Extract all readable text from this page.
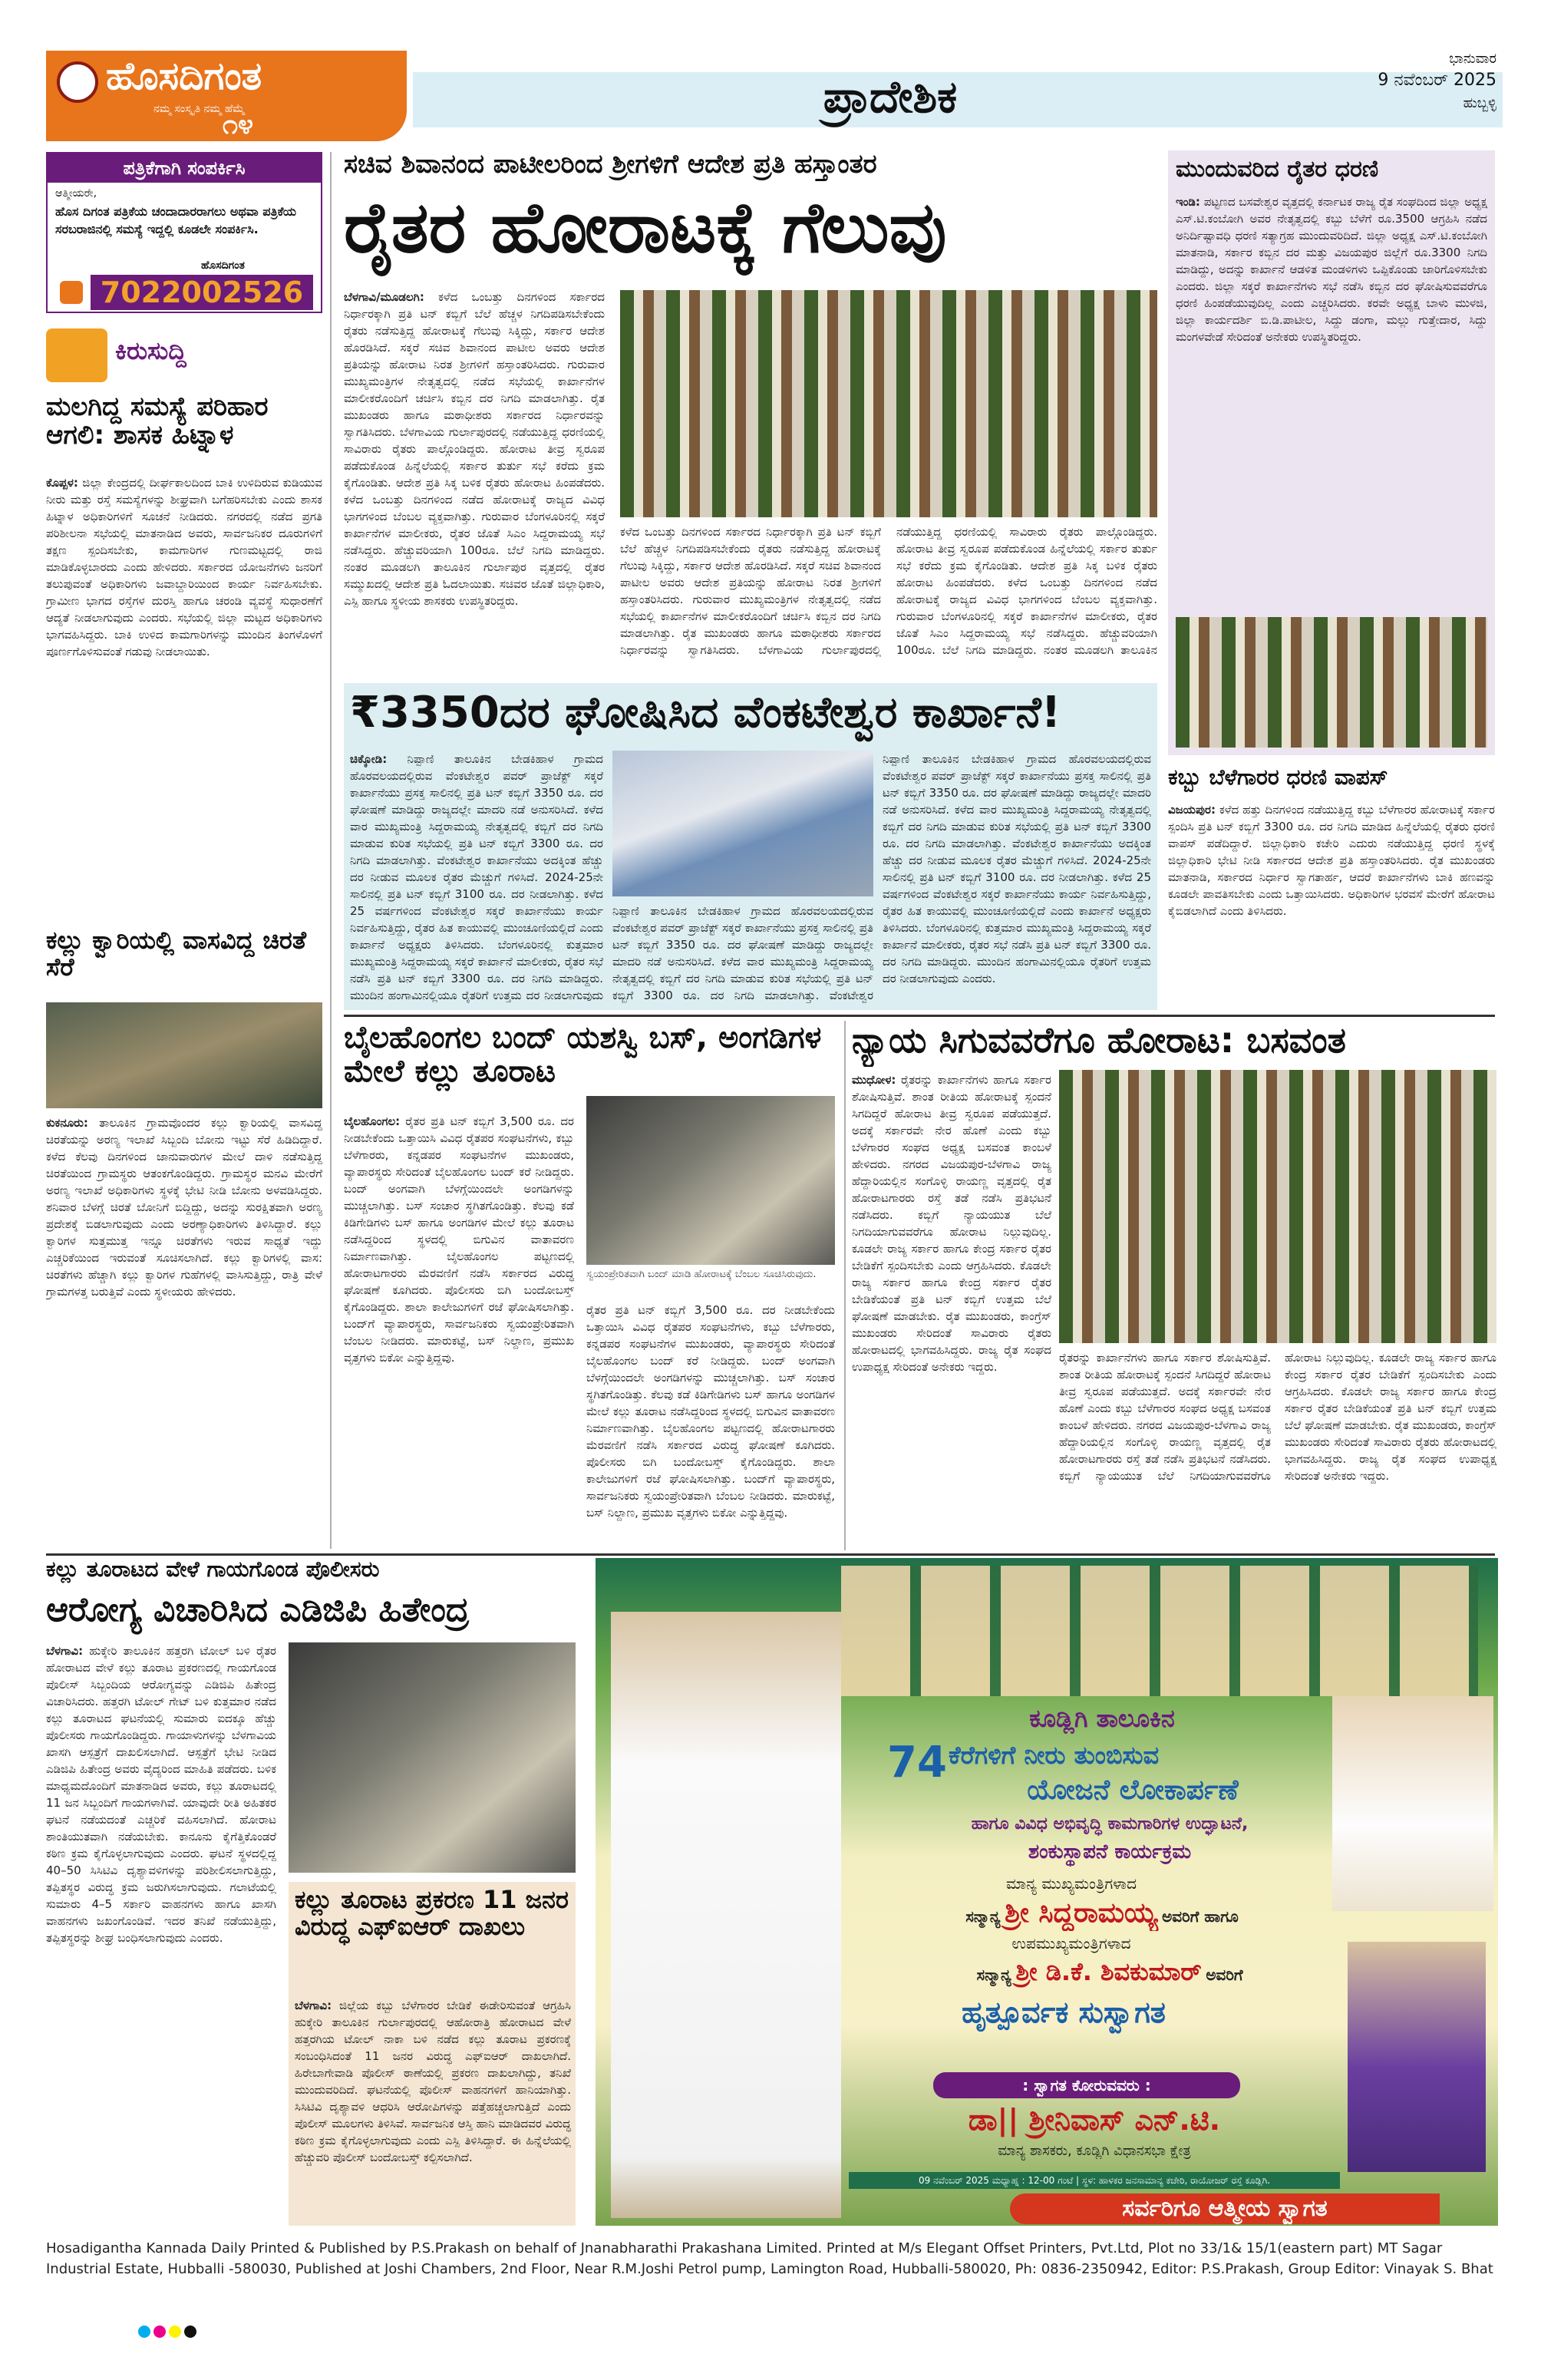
ಹೊಸದಿಗಂತ
ನಮ್ಮ ಸಂಸ್ಕೃತಿ ನಮ್ಮ ಹೆಮ್ಮೆ
೧೪
ಪ್ರಾದೇಶಿಕ
ಭಾನುವಾರ
9 ನವೆಂಬರ್ 2025
ಹುಬ್ಬಳ್ಳಿ
ಪತ್ರಿಕೆಗಾಗಿ ಸಂಪರ್ಕಿಸಿ
ಆತ್ಮೀಯರೇ,
ಹೊಸ ದಿಗಂತ ಪತ್ರಿಕೆಯ ಚಂದಾದಾರರಾಗಲು ಅಥವಾ ಪತ್ರಿಕೆಯ ಸರಬರಾಜಿನಲ್ಲಿ ಸಮಸ್ಯೆ ಇದ್ದಲ್ಲಿ ಕೂಡಲೇ ಸಂಪರ್ಕಿಸಿ.
ಹೊಸದಿಗಂತ
7022002526
ಕಿರುಸುದ್ದಿ
ಮಲಗಿದ್ದ ಸಮಸ್ಯೆ ಪರಿಹಾರ ಆಗಲಿ: ಶಾಸಕ ಹಿಟ್ನಾಳ
ಕೊಪ್ಪಳ: ಜಿಲ್ಲಾ ಕೇಂದ್ರದಲ್ಲಿ ದೀರ್ಘಕಾಲದಿಂದ ಬಾಕಿ ಉಳಿದಿರುವ ಕುಡಿಯುವ ನೀರು ಮತ್ತು ರಸ್ತೆ ಸಮಸ್ಯೆಗಳನ್ನು ಶೀಘ್ರವಾಗಿ ಬಗೆಹರಿಸಬೇಕು ಎಂದು ಶಾಸಕ ಹಿಟ್ನಾಳ ಅಧಿಕಾರಿಗಳಿಗೆ ಸೂಚನೆ ನೀಡಿದರು. ನಗರದಲ್ಲಿ ನಡೆದ ಪ್ರಗತಿ ಪರಿಶೀಲನಾ ಸಭೆಯಲ್ಲಿ ಮಾತನಾಡಿದ ಅವರು, ಸಾರ್ವಜನಿಕರ ದೂರುಗಳಿಗೆ ತಕ್ಷಣ ಸ್ಪಂದಿಸಬೇಕು, ಕಾಮಗಾರಿಗಳ ಗುಣಮಟ್ಟದಲ್ಲಿ ರಾಜಿ ಮಾಡಿಕೊಳ್ಳಬಾರದು ಎಂದು ಹೇಳಿದರು. ಸರ್ಕಾರದ ಯೋಜನೆಗಳು ಜನರಿಗೆ ತಲುಪುವಂತೆ ಅಧಿಕಾರಿಗಳು ಜವಾಬ್ದಾರಿಯಿಂದ ಕಾರ್ಯ ನಿರ್ವಹಿಸಬೇಕು. ಗ್ರಾಮೀಣ ಭಾಗದ ರಸ್ತೆಗಳ ದುರಸ್ತಿ ಹಾಗೂ ಚರಂಡಿ ವ್ಯವಸ್ಥೆ ಸುಧಾರಣೆಗೆ ಆದ್ಯತೆ ನೀಡಲಾಗುವುದು ಎಂದರು. ಸಭೆಯಲ್ಲಿ ಜಿಲ್ಲಾ ಮಟ್ಟದ ಅಧಿಕಾರಿಗಳು ಭಾಗವಹಿಸಿದ್ದರು. ಬಾಕಿ ಉಳಿದ ಕಾಮಗಾರಿಗಳನ್ನು ಮುಂದಿನ ತಿಂಗಳೊಳಗೆ ಪೂರ್ಣಗೊಳಿಸುವಂತೆ ಗಡುವು ನೀಡಲಾಯಿತು.
ಕಲ್ಲು ಕ್ವಾರಿಯಲ್ಲಿ ವಾಸವಿದ್ದ ಚಿರತೆ ಸೆರೆ
ಕುಕನೂರು: ತಾಲೂಕಿನ ಗ್ರಾಮವೊಂದರ ಕಲ್ಲು ಕ್ವಾರಿಯಲ್ಲಿ ವಾಸವಿದ್ದ ಚಿರತೆಯನ್ನು ಅರಣ್ಯ ಇಲಾಖೆ ಸಿಬ್ಬಂದಿ ಬೋನು ಇಟ್ಟು ಸೆರೆ ಹಿಡಿದಿದ್ದಾರೆ. ಕಳೆದ ಕೆಲವು ದಿನಗಳಿಂದ ಜಾನುವಾರುಗಳ ಮೇಲೆ ದಾಳಿ ನಡೆಸುತ್ತಿದ್ದ ಚಿರತೆಯಿಂದ ಗ್ರಾಮಸ್ಥರು ಆತಂಕಗೊಂಡಿದ್ದರು. ಗ್ರಾಮಸ್ಥರ ಮನವಿ ಮೇರೆಗೆ ಅರಣ್ಯ ಇಲಾಖೆ ಅಧಿಕಾರಿಗಳು ಸ್ಥಳಕ್ಕೆ ಭೇಟಿ ನೀಡಿ ಬೋನು ಅಳವಡಿಸಿದ್ದರು. ಶನಿವಾರ ಬೆಳಗ್ಗೆ ಚಿರತೆ ಬೋನಿಗೆ ಬಿದ್ದಿದ್ದು, ಅದನ್ನು ಸುರಕ್ಷಿತವಾಗಿ ಅರಣ್ಯ ಪ್ರದೇಶಕ್ಕೆ ಬಿಡಲಾಗುವುದು ಎಂದು ಅರಣ್ಯಾಧಿಕಾರಿಗಳು ತಿಳಿಸಿದ್ದಾರೆ. ಕಲ್ಲು ಕ್ವಾರಿಗಳ ಸುತ್ತಮುತ್ತ ಇನ್ನೂ ಚಿರತೆಗಳು ಇರುವ ಸಾಧ್ಯತೆ ಇದ್ದು ಎಚ್ಚರಿಕೆಯಿಂದ ಇರುವಂತೆ ಸೂಚಿಸಲಾಗಿದೆ. ಕಲ್ಲು ಕ್ವಾರಿಗಳಲ್ಲಿ ವಾಸ: ಚಿರತೆಗಳು ಹೆಚ್ಚಾಗಿ ಕಲ್ಲು ಕ್ವಾರಿಗಳ ಗುಹೆಗಳಲ್ಲಿ ವಾಸಿಸುತ್ತಿದ್ದು, ರಾತ್ರಿ ವೇಳೆ ಗ್ರಾಮಗಳತ್ತ ಬರುತ್ತಿವೆ ಎಂದು ಸ್ಥಳೀಯರು ಹೇಳಿದರು.
ಸಚಿವ ಶಿವಾನಂದ ಪಾಟೀಲರಿಂದ ಶ್ರೀಗಳಿಗೆ ಆದೇಶ ಪ್ರತಿ ಹಸ್ತಾಂತರ
ರೈತರ ಹೋರಾಟಕ್ಕೆ ಗೆಲುವು
ಬೆಳಗಾವಿ/ಮೂಡಲಗಿ: ಕಳೆದ ಒಂಬತ್ತು ದಿನಗಳಿಂದ ಸರ್ಕಾರದ ನಿರ್ಧಾರಕ್ಕಾಗಿ ಪ್ರತಿ ಟನ್ ಕಬ್ಬಿಗೆ ಬೆಲೆ ಹೆಚ್ಚಳ ನಿಗದಿಪಡಿಸಬೇಕೆಂದು ರೈತರು ನಡೆಸುತ್ತಿದ್ದ ಹೋರಾಟಕ್ಕೆ ಗೆಲುವು ಸಿಕ್ಕಿದ್ದು, ಸರ್ಕಾರ ಆದೇಶ ಹೊರಡಿಸಿದೆ. ಸಕ್ಕರೆ ಸಚಿವ ಶಿವಾನಂದ ಪಾಟೀಲ ಅವರು ಆದೇಶ ಪ್ರತಿಯನ್ನು ಹೋರಾಟ ನಿರತ ಶ್ರೀಗಳಿಗೆ ಹಸ್ತಾಂತರಿಸಿದರು. ಗುರುವಾರ ಮುಖ್ಯಮಂತ್ರಿಗಳ ನೇತೃತ್ವದಲ್ಲಿ ನಡೆದ ಸಭೆಯಲ್ಲಿ ಕಾರ್ಖಾನೆಗಳ ಮಾಲೀಕರೊಂದಿಗೆ ಚರ್ಚಿಸಿ ಕಬ್ಬಿನ ದರ ನಿಗದಿ ಮಾಡಲಾಗಿತ್ತು. ರೈತ ಮುಖಂಡರು ಹಾಗೂ ಮಠಾಧೀಶರು ಸರ್ಕಾರದ ನಿರ್ಧಾರವನ್ನು ಸ್ವಾಗತಿಸಿದರು. ಬೆಳಗಾವಿಯ ಗುರ್ಲಾಪುರದಲ್ಲಿ ನಡೆಯುತ್ತಿದ್ದ ಧರಣಿಯಲ್ಲಿ ಸಾವಿರಾರು ರೈತರು ಪಾಲ್ಗೊಂಡಿದ್ದರು. ಹೋರಾಟ ತೀವ್ರ ಸ್ವರೂಪ ಪಡೆದುಕೊಂಡ ಹಿನ್ನೆಲೆಯಲ್ಲಿ ಸರ್ಕಾರ ತುರ್ತು ಸಭೆ ಕರೆದು ಕ್ರಮ ಕೈಗೊಂಡಿತು. ಆದೇಶ ಪ್ರತಿ ಸಿಕ್ಕ ಬಳಿಕ ರೈತರು ಹೋರಾಟ ಹಿಂಪಡೆದರು. ಕಳೆದ ಒಂಬತ್ತು ದಿನಗಳಿಂದ ನಡೆದ ಹೋರಾಟಕ್ಕೆ ರಾಜ್ಯದ ವಿವಿಧ ಭಾಗಗಳಿಂದ ಬೆಂಬಲ ವ್ಯಕ್ತವಾಗಿತ್ತು. ಗುರುವಾರ ಬೆಂಗಳೂರಿನಲ್ಲಿ ಸಕ್ಕರೆ ಕಾರ್ಖಾನೆಗಳ ಮಾಲೀಕರು, ರೈತರ ಜೊತೆ ಸಿಎಂ ಸಿದ್ದರಾಮಯ್ಯ ಸಭೆ ನಡೆಸಿದ್ದರು. ಹೆಚ್ಚುವರಿಯಾಗಿ 100ರೂ. ಬೆಲೆ ನಿಗದಿ ಮಾಡಿದ್ದರು. ನಂತರ ಮೂಡಲಗಿ ತಾಲೂಕಿನ ಗುರ್ಲಾಪುರ ವೃತ್ತದಲ್ಲಿ ರೈತರ ಸಮ್ಮುಖದಲ್ಲಿ ಆದೇಶ ಪ್ರತಿ ಓದಲಾಯಿತು. ಸಚಿವರ ಜೊತೆ ಜಿಲ್ಲಾಧಿಕಾರಿ, ಎಸ್ಪಿ ಹಾಗೂ ಸ್ಥಳೀಯ ಶಾಸಕರು ಉಪಸ್ಥಿತರಿದ್ದರು.
ಕಳೆದ ಒಂಬತ್ತು ದಿನಗಳಿಂದ ಸರ್ಕಾರದ ನಿರ್ಧಾರಕ್ಕಾಗಿ ಪ್ರತಿ ಟನ್ ಕಬ್ಬಿಗೆ ಬೆಲೆ ಹೆಚ್ಚಳ ನಿಗದಿಪಡಿಸಬೇಕೆಂದು ರೈತರು ನಡೆಸುತ್ತಿದ್ದ ಹೋರಾಟಕ್ಕೆ ಗೆಲುವು ಸಿಕ್ಕಿದ್ದು, ಸರ್ಕಾರ ಆದೇಶ ಹೊರಡಿಸಿದೆ. ಸಕ್ಕರೆ ಸಚಿವ ಶಿವಾನಂದ ಪಾಟೀಲ ಅವರು ಆದೇಶ ಪ್ರತಿಯನ್ನು ಹೋರಾಟ ನಿರತ ಶ್ರೀಗಳಿಗೆ ಹಸ್ತಾಂತರಿಸಿದರು. ಗುರುವಾರ ಮುಖ್ಯಮಂತ್ರಿಗಳ ನೇತೃತ್ವದಲ್ಲಿ ನಡೆದ ಸಭೆಯಲ್ಲಿ ಕಾರ್ಖಾನೆಗಳ ಮಾಲೀಕರೊಂದಿಗೆ ಚರ್ಚಿಸಿ ಕಬ್ಬಿನ ದರ ನಿಗದಿ ಮಾಡಲಾಗಿತ್ತು. ರೈತ ಮುಖಂಡರು ಹಾಗೂ ಮಠಾಧೀಶರು ಸರ್ಕಾರದ ನಿರ್ಧಾರವನ್ನು ಸ್ವಾಗತಿಸಿದರು. ಬೆಳಗಾವಿಯ ಗುರ್ಲಾಪುರದಲ್ಲಿ ನಡೆಯುತ್ತಿದ್ದ ಧರಣಿಯಲ್ಲಿ ಸಾವಿರಾರು ರೈತರು ಪಾಲ್ಗೊಂಡಿದ್ದರು. ಹೋರಾಟ ತೀವ್ರ ಸ್ವರೂಪ ಪಡೆದುಕೊಂಡ ಹಿನ್ನೆಲೆಯಲ್ಲಿ ಸರ್ಕಾರ ತುರ್ತು ಸಭೆ ಕರೆದು ಕ್ರಮ ಕೈಗೊಂಡಿತು. ಆದೇಶ ಪ್ರತಿ ಸಿಕ್ಕ ಬಳಿಕ ರೈತರು ಹೋರಾಟ ಹಿಂಪಡೆದರು. ಕಳೆದ ಒಂಬತ್ತು ದಿನಗಳಿಂದ ನಡೆದ ಹೋರಾಟಕ್ಕೆ ರಾಜ್ಯದ ವಿವಿಧ ಭಾಗಗಳಿಂದ ಬೆಂಬಲ ವ್ಯಕ್ತವಾಗಿತ್ತು. ಗುರುವಾರ ಬೆಂಗಳೂರಿನಲ್ಲಿ ಸಕ್ಕರೆ ಕಾರ್ಖಾನೆಗಳ ಮಾಲೀಕರು, ರೈತರ ಜೊತೆ ಸಿಎಂ ಸಿದ್ದರಾಮಯ್ಯ ಸಭೆ ನಡೆಸಿದ್ದರು. ಹೆಚ್ಚುವರಿಯಾಗಿ 100ರೂ. ಬೆಲೆ ನಿಗದಿ ಮಾಡಿದ್ದರು. ನಂತರ ಮೂಡಲಗಿ ತಾಲೂಕಿನ
ಮುಂದುವರಿದ ರೈತರ ಧರಣಿ
ಇಂಡಿ: ಪಟ್ಟಣದ ಬಸವೇಶ್ವರ ವೃತ್ತದಲ್ಲಿ ಕರ್ನಾಟಕ ರಾಜ್ಯ ರೈತ ಸಂಘದಿಂದ ಜಿಲ್ಲಾ ಅಧ್ಯಕ್ಷ ಎಸ್.ಟಿ.ಕಂಬೋಗಿ ಅವರ ನೇತೃತ್ವದಲ್ಲಿ ಕಬ್ಬು ಬೆಳೆಗೆ ರೂ.3500 ಆಗ್ರಹಿಸಿ ನಡೆದ ಅನಿರ್ದಿಷ್ಟಾವಧಿ ಧರಣಿ ಸತ್ಯಾಗ್ರಹ ಮುಂದುವರಿದಿದೆ. ಜಿಲ್ಲಾ ಅಧ್ಯಕ್ಷ ಎಸ್.ಟಿ.ಕಂಬೋಗಿ ಮಾತನಾಡಿ, ಸರ್ಕಾರ ಕಬ್ಬಿನ ದರ ಮತ್ತು ವಿಜಯಪುರ ಜಿಲ್ಲೆಗೆ ರೂ.3300 ನಿಗದಿ ಮಾಡಿದ್ದು, ಅದನ್ನು ಕಾರ್ಖಾನೆ ಆಡಳಿತ ಮಂಡಳಿಗಳು ಒಪ್ಪಿಕೊಂಡು ಜಾರಿಗೊಳಿಸಬೇಕು ಎಂದರು. ಜಿಲ್ಲಾ ಸಕ್ಕರೆ ಕಾರ್ಖಾನೆಗಳು ಸಭೆ ನಡೆಸಿ ಕಬ್ಬಿನ ದರ ಘೋಷಿಸುವವರೆಗೂ ಧರಣಿ ಹಿಂಪಡೆಯುವುದಿಲ್ಲ ಎಂದು ಎಚ್ಚರಿಸಿದರು. ಕರವೇ ಅಧ್ಯಕ್ಷ ಬಾಳು ಮುಳಜಿ, ಜಿಲ್ಲಾ ಕಾರ್ಯದರ್ಶಿ ಬಿ.ಡಿ.ಪಾಟೀಲ, ಸಿದ್ದು ಡಂಗಾ, ಮಲ್ಲು ಗುತ್ತೇದಾರ, ಸಿದ್ದು ಮಂಗಳವೇಡೆ ಸೇರಿದಂತೆ ಅನೇಕರು ಉಪಸ್ಥಿತರಿದ್ದರು.
ಕಬ್ಬು ಬೆಳೆಗಾರರ ಧರಣಿ ವಾಪಸ್
ವಿಜಯಪುರ: ಕಳೆದ ಹತ್ತು ದಿನಗಳಿಂದ ನಡೆಯುತ್ತಿದ್ದ ಕಬ್ಬು ಬೆಳೆಗಾರರ ಹೋರಾಟಕ್ಕೆ ಸರ್ಕಾರ ಸ್ಪಂದಿಸಿ ಪ್ರತಿ ಟನ್ ಕಬ್ಬಿಗೆ 3300 ರೂ. ದರ ನಿಗದಿ ಮಾಡಿದ ಹಿನ್ನೆಲೆಯಲ್ಲಿ ರೈತರು ಧರಣಿ ವಾಪಸ್ ಪಡೆದಿದ್ದಾರೆ. ಜಿಲ್ಲಾಧಿಕಾರಿ ಕಚೇರಿ ಎದುರು ನಡೆಯುತ್ತಿದ್ದ ಧರಣಿ ಸ್ಥಳಕ್ಕೆ ಜಿಲ್ಲಾಧಿಕಾರಿ ಭೇಟಿ ನೀಡಿ ಸರ್ಕಾರದ ಆದೇಶ ಪ್ರತಿ ಹಸ್ತಾಂತರಿಸಿದರು. ರೈತ ಮುಖಂಡರು ಮಾತನಾಡಿ, ಸರ್ಕಾರದ ನಿರ್ಧಾರ ಸ್ವಾಗತಾರ್ಹ, ಆದರೆ ಕಾರ್ಖಾನೆಗಳು ಬಾಕಿ ಹಣವನ್ನು ಕೂಡಲೇ ಪಾವತಿಸಬೇಕು ಎಂದು ಒತ್ತಾಯಿಸಿದರು. ಅಧಿಕಾರಿಗಳ ಭರವಸೆ ಮೇರೆಗೆ ಹೋರಾಟ ಕೈಬಿಡಲಾಗಿದೆ ಎಂದು ತಿಳಿಸಿದರು.
₹3350ದರ ಘೋಷಿಸಿದ ವೆಂಕಟೇಶ್ವರ ಕಾರ್ಖಾನೆ!
ಚಿಕ್ಕೋಡಿ: ನಿಪ್ಪಾಣಿ ತಾಲೂಕಿನ ಬೇಡಕಿಹಾಳ ಗ್ರಾಮದ ಹೊರವಲಯದಲ್ಲಿರುವ ವೆಂಕಟೇಶ್ವರ ಪವರ್ ಪ್ರಾಜೆಕ್ಟ್ ಸಕ್ಕರೆ ಕಾರ್ಖಾನೆಯು ಪ್ರಸಕ್ತ ಸಾಲಿನಲ್ಲಿ ಪ್ರತಿ ಟನ್ ಕಬ್ಬಿಗೆ 3350 ರೂ. ದರ ಘೋಷಣೆ ಮಾಡಿದ್ದು ರಾಜ್ಯದಲ್ಲೇ ಮಾದರಿ ನಡೆ ಅನುಸರಿಸಿದೆ. ಕಳೆದ ವಾರ ಮುಖ್ಯಮಂತ್ರಿ ಸಿದ್ದರಾಮಯ್ಯ ನೇತೃತ್ವದಲ್ಲಿ ಕಬ್ಬಿಗೆ ದರ ನಿಗದಿ ಮಾಡುವ ಕುರಿತ ಸಭೆಯಲ್ಲಿ ಪ್ರತಿ ಟನ್ ಕಬ್ಬಿಗೆ 3300 ರೂ. ದರ ನಿಗದಿ ಮಾಡಲಾಗಿತ್ತು. ವೆಂಕಟೇಶ್ವರ ಕಾರ್ಖಾನೆಯು ಅದಕ್ಕಿಂತ ಹೆಚ್ಚು ದರ ನೀಡುವ ಮೂಲಕ ರೈತರ ಮೆಚ್ಚುಗೆ ಗಳಿಸಿದೆ. 2024-25ನೇ ಸಾಲಿನಲ್ಲಿ ಪ್ರತಿ ಟನ್ ಕಬ್ಬಿಗೆ 3100 ರೂ. ದರ ನೀಡಲಾಗಿತ್ತು. ಕಳೆದ 25 ವರ್ಷಗಳಿಂದ ವೆಂಕಟೇಶ್ವರ ಸಕ್ಕರೆ ಕಾರ್ಖಾನೆಯು ಕಾರ್ಯ ನಿರ್ವಹಿಸುತ್ತಿದ್ದು, ರೈತರ ಹಿತ ಕಾಯುವಲ್ಲಿ ಮುಂಚೂಣಿಯಲ್ಲಿದೆ ಎಂದು ಕಾರ್ಖಾನೆ ಅಧ್ಯಕ್ಷರು ತಿಳಿಸಿದರು. ಬೆಂಗಳೂರಿನಲ್ಲಿ ಕುತ್ತಮಾರ ಮುಖ್ಯಮಂತ್ರಿ ಸಿದ್ದರಾಮಯ್ಯ ಸಕ್ಕರೆ ಕಾರ್ಖಾನೆ ಮಾಲೀಕರು, ರೈತರ ಸಭೆ ನಡೆಸಿ ಪ್ರತಿ ಟನ್ ಕಬ್ಬಿಗೆ 3300 ರೂ. ದರ ನಿಗದಿ ಮಾಡಿದ್ದರು. ಮುಂದಿನ ಹಂಗಾಮಿನಲ್ಲಿಯೂ ರೈತರಿಗೆ ಉತ್ತಮ ದರ ನೀಡಲಾಗುವುದು
ನಿಪ್ಪಾಣಿ ತಾಲೂಕಿನ ಬೇಡಕಿಹಾಳ ಗ್ರಾಮದ ಹೊರವಲಯದಲ್ಲಿರುವ ವೆಂಕಟೇಶ್ವರ ಪವರ್ ಪ್ರಾಜೆಕ್ಟ್ ಸಕ್ಕರೆ ಕಾರ್ಖಾನೆಯು ಪ್ರಸಕ್ತ ಸಾಲಿನಲ್ಲಿ ಪ್ರತಿ ಟನ್ ಕಬ್ಬಿಗೆ 3350 ರೂ. ದರ ಘೋಷಣೆ ಮಾಡಿದ್ದು ರಾಜ್ಯದಲ್ಲೇ ಮಾದರಿ ನಡೆ ಅನುಸರಿಸಿದೆ. ಕಳೆದ ವಾರ ಮುಖ್ಯಮಂತ್ರಿ ಸಿದ್ದರಾಮಯ್ಯ ನೇತೃತ್ವದಲ್ಲಿ ಕಬ್ಬಿಗೆ ದರ ನಿಗದಿ ಮಾಡುವ ಕುರಿತ ಸಭೆಯಲ್ಲಿ ಪ್ರತಿ ಟನ್ ಕಬ್ಬಿಗೆ 3300 ರೂ. ದರ ನಿಗದಿ ಮಾಡಲಾಗಿತ್ತು. ವೆಂಕಟೇಶ್ವರ
ನಿಪ್ಪಾಣಿ ತಾಲೂಕಿನ ಬೇಡಕಿಹಾಳ ಗ್ರಾಮದ ಹೊರವಲಯದಲ್ಲಿರುವ ವೆಂಕಟೇಶ್ವರ ಪವರ್ ಪ್ರಾಜೆಕ್ಟ್ ಸಕ್ಕರೆ ಕಾರ್ಖಾನೆಯು ಪ್ರಸಕ್ತ ಸಾಲಿನಲ್ಲಿ ಪ್ರತಿ ಟನ್ ಕಬ್ಬಿಗೆ 3350 ರೂ. ದರ ಘೋಷಣೆ ಮಾಡಿದ್ದು ರಾಜ್ಯದಲ್ಲೇ ಮಾದರಿ ನಡೆ ಅನುಸರಿಸಿದೆ. ಕಳೆದ ವಾರ ಮುಖ್ಯಮಂತ್ರಿ ಸಿದ್ದರಾಮಯ್ಯ ನೇತೃತ್ವದಲ್ಲಿ ಕಬ್ಬಿಗೆ ದರ ನಿಗದಿ ಮಾಡುವ ಕುರಿತ ಸಭೆಯಲ್ಲಿ ಪ್ರತಿ ಟನ್ ಕಬ್ಬಿಗೆ 3300 ರೂ. ದರ ನಿಗದಿ ಮಾಡಲಾಗಿತ್ತು. ವೆಂಕಟೇಶ್ವರ ಕಾರ್ಖಾನೆಯು ಅದಕ್ಕಿಂತ ಹೆಚ್ಚು ದರ ನೀಡುವ ಮೂಲಕ ರೈತರ ಮೆಚ್ಚುಗೆ ಗಳಿಸಿದೆ. 2024-25ನೇ ಸಾಲಿನಲ್ಲಿ ಪ್ರತಿ ಟನ್ ಕಬ್ಬಿಗೆ 3100 ರೂ. ದರ ನೀಡಲಾಗಿತ್ತು. ಕಳೆದ 25 ವರ್ಷಗಳಿಂದ ವೆಂಕಟೇಶ್ವರ ಸಕ್ಕರೆ ಕಾರ್ಖಾನೆಯು ಕಾರ್ಯ ನಿರ್ವಹಿಸುತ್ತಿದ್ದು, ರೈತರ ಹಿತ ಕಾಯುವಲ್ಲಿ ಮುಂಚೂಣಿಯಲ್ಲಿದೆ ಎಂದು ಕಾರ್ಖಾನೆ ಅಧ್ಯಕ್ಷರು ತಿಳಿಸಿದರು. ಬೆಂಗಳೂರಿನಲ್ಲಿ ಕುತ್ತಮಾರ ಮುಖ್ಯಮಂತ್ರಿ ಸಿದ್ದರಾಮಯ್ಯ ಸಕ್ಕರೆ ಕಾರ್ಖಾನೆ ಮಾಲೀಕರು, ರೈತರ ಸಭೆ ನಡೆಸಿ ಪ್ರತಿ ಟನ್ ಕಬ್ಬಿಗೆ 3300 ರೂ. ದರ ನಿಗದಿ ಮಾಡಿದ್ದರು. ಮುಂದಿನ ಹಂಗಾಮಿನಲ್ಲಿಯೂ ರೈತರಿಗೆ ಉತ್ತಮ ದರ ನೀಡಲಾಗುವುದು ಎಂದರು.
ಬೈಲಹೊಂಗಲ ಬಂದ್ ಯಶಸ್ವಿ ಬಸ್, ಅಂಗಡಿಗಳ ಮೇಲೆ ಕಲ್ಲು ತೂರಾಟ
ಬೈಲಹೊಂಗಲ: ರೈತರ ಪ್ರತಿ ಟನ್ ಕಬ್ಬಿಗೆ 3,500 ರೂ. ದರ ನೀಡಬೇಕೆಂದು ಒತ್ತಾಯಿಸಿ ವಿವಿಧ ರೈತಪರ ಸಂಘಟನೆಗಳು, ಕಬ್ಬು ಬೆಳೆಗಾರರು, ಕನ್ನಡಪರ ಸಂಘಟನೆಗಳ ಮುಖಂಡರು, ವ್ಯಾಪಾರಸ್ಥರು ಸೇರಿದಂತೆ ಬೈಲಹೊಂಗಲ ಬಂದ್ ಕರೆ ನೀಡಿದ್ದರು. ಬಂದ್ ಅಂಗವಾಗಿ ಬೆಳಗ್ಗೆಯಿಂದಲೇ ಅಂಗಡಿಗಳನ್ನು ಮುಚ್ಚಲಾಗಿತ್ತು. ಬಸ್ ಸಂಚಾರ ಸ್ಥಗಿತಗೊಂಡಿತ್ತು. ಕೆಲವು ಕಡೆ ಕಿಡಿಗೇಡಿಗಳು ಬಸ್ ಹಾಗೂ ಅಂಗಡಿಗಳ ಮೇಲೆ ಕಲ್ಲು ತೂರಾಟ ನಡೆಸಿದ್ದರಿಂದ ಸ್ಥಳದಲ್ಲಿ ಬಿಗುವಿನ ವಾತಾವರಣ ನಿರ್ಮಾಣವಾಗಿತ್ತು. ಬೈಲಹೊಂಗಲ ಪಟ್ಟಣದಲ್ಲಿ ಹೋರಾಟಗಾರರು ಮೆರವಣಿಗೆ ನಡೆಸಿ ಸರ್ಕಾರದ ವಿರುದ್ಧ ಘೋಷಣೆ ಕೂಗಿದರು. ಪೊಲೀಸರು ಬಿಗಿ ಬಂದೋಬಸ್ತ್ ಕೈಗೊಂಡಿದ್ದರು. ಶಾಲಾ ಕಾಲೇಜುಗಳಿಗೆ ರಜೆ ಘೋಷಿಸಲಾಗಿತ್ತು. ಬಂದ್‌ಗೆ ವ್ಯಾಪಾರಸ್ಥರು, ಸಾರ್ವಜನಿಕರು ಸ್ವಯಂಪ್ರೇರಿತವಾಗಿ ಬೆಂಬಲ ನೀಡಿದರು. ಮಾರುಕಟ್ಟೆ, ಬಸ್ ನಿಲ್ದಾಣ, ಪ್ರಮುಖ ವೃತ್ತಗಳು ಬಿಕೋ ಎನ್ನುತ್ತಿದ್ದವು.
ಸ್ವಯಂಪ್ರೇರಿತವಾಗಿ ಬಂದ್ ಮಾಡಿ ಹೋರಾಟಕ್ಕೆ ಬೆಂಬಲ ಸೂಚಿಸಿರುವುದು.
ರೈತರ ಪ್ರತಿ ಟನ್ ಕಬ್ಬಿಗೆ 3,500 ರೂ. ದರ ನೀಡಬೇಕೆಂದು ಒತ್ತಾಯಿಸಿ ವಿವಿಧ ರೈತಪರ ಸಂಘಟನೆಗಳು, ಕಬ್ಬು ಬೆಳೆಗಾರರು, ಕನ್ನಡಪರ ಸಂಘಟನೆಗಳ ಮುಖಂಡರು, ವ್ಯಾಪಾರಸ್ಥರು ಸೇರಿದಂತೆ ಬೈಲಹೊಂಗಲ ಬಂದ್ ಕರೆ ನೀಡಿದ್ದರು. ಬಂದ್ ಅಂಗವಾಗಿ ಬೆಳಗ್ಗೆಯಿಂದಲೇ ಅಂಗಡಿಗಳನ್ನು ಮುಚ್ಚಲಾಗಿತ್ತು. ಬಸ್ ಸಂಚಾರ ಸ್ಥಗಿತಗೊಂಡಿತ್ತು. ಕೆಲವು ಕಡೆ ಕಿಡಿಗೇಡಿಗಳು ಬಸ್ ಹಾಗೂ ಅಂಗಡಿಗಳ ಮೇಲೆ ಕಲ್ಲು ತೂರಾಟ ನಡೆಸಿದ್ದರಿಂದ ಸ್ಥಳದಲ್ಲಿ ಬಿಗುವಿನ ವಾತಾವರಣ ನಿರ್ಮಾಣವಾಗಿತ್ತು. ಬೈಲಹೊಂಗಲ ಪಟ್ಟಣದಲ್ಲಿ ಹೋರಾಟಗಾರರು ಮೆರವಣಿಗೆ ನಡೆಸಿ ಸರ್ಕಾರದ ವಿರುದ್ಧ ಘೋಷಣೆ ಕೂಗಿದರು. ಪೊಲೀಸರು ಬಿಗಿ ಬಂದೋಬಸ್ತ್ ಕೈಗೊಂಡಿದ್ದರು. ಶಾಲಾ ಕಾಲೇಜುಗಳಿಗೆ ರಜೆ ಘೋಷಿಸಲಾಗಿತ್ತು. ಬಂದ್‌ಗೆ ವ್ಯಾಪಾರಸ್ಥರು, ಸಾರ್ವಜನಿಕರು ಸ್ವಯಂಪ್ರೇರಿತವಾಗಿ ಬೆಂಬಲ ನೀಡಿದರು. ಮಾರುಕಟ್ಟೆ, ಬಸ್ ನಿಲ್ದಾಣ, ಪ್ರಮುಖ ವೃತ್ತಗಳು ಬಿಕೋ ಎನ್ನುತ್ತಿದ್ದವು.
ನ್ಯಾಯ ಸಿಗುವವರೆಗೂ ಹೋರಾಟ: ಬಸವಂತ
ಮುಧೋಳ: ರೈತರನ್ನು ಕಾರ್ಖಾನೆಗಳು ಹಾಗೂ ಸರ್ಕಾರ ಶೋಷಿಸುತ್ತಿವೆ. ಶಾಂತ ರೀತಿಯ ಹೋರಾಟಕ್ಕೆ ಸ್ಪಂದನೆ ಸಿಗದಿದ್ದರೆ ಹೋರಾಟ ತೀವ್ರ ಸ್ವರೂಪ ಪಡೆಯುತ್ತದೆ. ಅದಕ್ಕೆ ಸರ್ಕಾರವೇ ನೇರ ಹೊಣೆ ಎಂದು ಕಬ್ಬು ಬೆಳೆಗಾರರ ಸಂಘದ ಅಧ್ಯಕ್ಷ ಬಸವಂತ ಕಾಂಬಳೆ ಹೇಳಿದರು. ನಗರದ ವಿಜಯಪುರ-ಬೆಳಗಾವಿ ರಾಜ್ಯ ಹೆದ್ದಾರಿಯಲ್ಲಿನ ಸಂಗೊಳ್ಳಿ ರಾಯಣ್ಣ ವೃತ್ತದಲ್ಲಿ ರೈತ ಹೋರಾಟಗಾರರು ರಸ್ತೆ ತಡೆ ನಡೆಸಿ ಪ್ರತಿಭಟನೆ ನಡೆಸಿದರು. ಕಬ್ಬಿಗೆ ನ್ಯಾಯಯುತ ಬೆಲೆ ನಿಗದಿಯಾಗುವವರೆಗೂ ಹೋರಾಟ ನಿಲ್ಲುವುದಿಲ್ಲ. ಕೂಡಲೇ ರಾಜ್ಯ ಸರ್ಕಾರ ಹಾಗೂ ಕೇಂದ್ರ ಸರ್ಕಾರ ರೈತರ ಬೇಡಿಕೆಗೆ ಸ್ಪಂದಿಸಬೇಕು ಎಂದು ಆಗ್ರಹಿಸಿದರು. ಕೊಡಲೇ ರಾಜ್ಯ ಸರ್ಕಾರ ಹಾಗೂ ಕೇಂದ್ರ ಸರ್ಕಾರ ರೈತರ ಬೇಡಿಕೆಯಂತೆ ಪ್ರತಿ ಟನ್ ಕಬ್ಬಿಗೆ ಉತ್ತಮ ಬೆಲೆ ಘೋಷಣೆ ಮಾಡಬೇಕು. ರೈತ ಮುಖಂಡರು, ಕಾಂಗ್ರೆಸ್ ಮುಖಂಡರು ಸೇರಿದಂತೆ ಸಾವಿರಾರು ರೈತರು ಹೋರಾಟದಲ್ಲಿ ಭಾಗವಹಿಸಿದ್ದರು. ರಾಜ್ಯ ರೈತ ಸಂಘದ ಉಪಾಧ್ಯಕ್ಷ ಸೇರಿದಂತೆ ಅನೇಕರು ಇದ್ದರು.
ರೈತರನ್ನು ಕಾರ್ಖಾನೆಗಳು ಹಾಗೂ ಸರ್ಕಾರ ಶೋಷಿಸುತ್ತಿವೆ. ಶಾಂತ ರೀತಿಯ ಹೋರಾಟಕ್ಕೆ ಸ್ಪಂದನೆ ಸಿಗದಿದ್ದರೆ ಹೋರಾಟ ತೀವ್ರ ಸ್ವರೂಪ ಪಡೆಯುತ್ತದೆ. ಅದಕ್ಕೆ ಸರ್ಕಾರವೇ ನೇರ ಹೊಣೆ ಎಂದು ಕಬ್ಬು ಬೆಳೆಗಾರರ ಸಂಘದ ಅಧ್ಯಕ್ಷ ಬಸವಂತ ಕಾಂಬಳೆ ಹೇಳಿದರು. ನಗರದ ವಿಜಯಪುರ-ಬೆಳಗಾವಿ ರಾಜ್ಯ ಹೆದ್ದಾರಿಯಲ್ಲಿನ ಸಂಗೊಳ್ಳಿ ರಾಯಣ್ಣ ವೃತ್ತದಲ್ಲಿ ರೈತ ಹೋರಾಟಗಾರರು ರಸ್ತೆ ತಡೆ ನಡೆಸಿ ಪ್ರತಿಭಟನೆ ನಡೆಸಿದರು. ಕಬ್ಬಿಗೆ ನ್ಯಾಯಯುತ ಬೆಲೆ ನಿಗದಿಯಾಗುವವರೆಗೂ ಹೋರಾಟ ನಿಲ್ಲುವುದಿಲ್ಲ. ಕೂಡಲೇ ರಾಜ್ಯ ಸರ್ಕಾರ ಹಾಗೂ ಕೇಂದ್ರ ಸರ್ಕಾರ ರೈತರ ಬೇಡಿಕೆಗೆ ಸ್ಪಂದಿಸಬೇಕು ಎಂದು ಆಗ್ರಹಿಸಿದರು. ಕೊಡಲೇ ರಾಜ್ಯ ಸರ್ಕಾರ ಹಾಗೂ ಕೇಂದ್ರ ಸರ್ಕಾರ ರೈತರ ಬೇಡಿಕೆಯಂತೆ ಪ್ರತಿ ಟನ್ ಕಬ್ಬಿಗೆ ಉತ್ತಮ ಬೆಲೆ ಘೋಷಣೆ ಮಾಡಬೇಕು. ರೈತ ಮುಖಂಡರು, ಕಾಂಗ್ರೆಸ್ ಮುಖಂಡರು ಸೇರಿದಂತೆ ಸಾವಿರಾರು ರೈತರು ಹೋರಾಟದಲ್ಲಿ ಭಾಗವಹಿಸಿದ್ದರು. ರಾಜ್ಯ ರೈತ ಸಂಘದ ಉಪಾಧ್ಯಕ್ಷ ಸೇರಿದಂತೆ ಅನೇಕರು ಇದ್ದರು.
ಕಲ್ಲು ತೂರಾಟದ ವೇಳೆ ಗಾಯಗೊಂಡ ಪೊಲೀಸರು
ಆರೋಗ್ಯ ವಿಚಾರಿಸಿದ ಎಡಿಜಿಪಿ ಹಿತೇಂದ್ರ
ಬೆಳಗಾವಿ: ಹುಕ್ಕೇರಿ ತಾಲೂಕಿನ ಹತ್ತರಗಿ ಟೋಲ್ ಬಳಿ ರೈತರ ಹೋರಾಟದ ವೇಳೆ ಕಲ್ಲು ತೂರಾಟ ಪ್ರಕರಣದಲ್ಲಿ ಗಾಯಗೊಂಡ ಪೊಲೀಸ್ ಸಿಬ್ಬಂದಿಯ ಆರೋಗ್ಯವನ್ನು ಎಡಿಜಿಪಿ ಹಿತೇಂದ್ರ ವಿಚಾರಿಸಿದರು. ಹತ್ತರಗಿ ಟೋಲ್ ಗೇಟ್ ಬಳಿ ಕುತ್ತಮಾರ ನಡೆದ ಕಲ್ಲು ತೂರಾಟದ ಘಟನೆಯಲ್ಲಿ ಸುಮಾರು ಐದಕ್ಕೂ ಹೆಚ್ಚು ಪೊಲೀಸರು ಗಾಯಗೊಂಡಿದ್ದರು. ಗಾಯಾಳುಗಳನ್ನು ಬೆಳಗಾವಿಯ ಖಾಸಗಿ ಆಸ್ಪತ್ರೆಗೆ ದಾಖಲಿಸಲಾಗಿದೆ. ಆಸ್ಪತ್ರೆಗೆ ಭೇಟಿ ನೀಡಿದ ಎಡಿಜಿಪಿ ಹಿತೇಂದ್ರ ಅವರು ವೈದ್ಯರಿಂದ ಮಾಹಿತಿ ಪಡೆದರು. ಬಳಿಕ ಮಾಧ್ಯಮದೊಂದಿಗೆ ಮಾತನಾಡಿದ ಅವರು, ಕಲ್ಲು ತೂರಾಟದಲ್ಲಿ 11 ಜನ ಸಿಬ್ಬಂದಿಗೆ ಗಾಯಗಳಾಗಿವೆ. ಯಾವುದೇ ರೀತಿ ಅಹಿತಕರ ಘಟನೆ ನಡೆಯದಂತೆ ಎಚ್ಚರಿಕೆ ವಹಿಸಲಾಗಿದೆ. ಹೋರಾಟ ಶಾಂತಿಯುತವಾಗಿ ನಡೆಯಬೇಕು. ಕಾನೂನು ಕೈಗೆತ್ತಿಕೊಂಡರೆ ಕಠಿಣ ಕ್ರಮ ಕೈಗೊಳ್ಳಲಾಗುವುದು ಎಂದರು. ಘಟನೆ ಸ್ಥಳದಲ್ಲಿದ್ದ 40–50 ಸಿಸಿಟಿವಿ ದೃಶ್ಯಾವಳಿಗಳನ್ನು ಪರಿಶೀಲಿಸಲಾಗುತ್ತಿದ್ದು, ತಪ್ಪಿತಸ್ಥರ ವಿರುದ್ಧ ಕ್ರಮ ಜರುಗಿಸಲಾಗುವುದು. ಗಲಾಟೆಯಲ್ಲಿ ಸುಮಾರು 4–5 ಸರ್ಕಾರಿ ವಾಹನಗಳು ಹಾಗೂ ಖಾಸಗಿ ವಾಹನಗಳು ಜಖಂಗೊಂಡಿವೆ. ಇದರ ತನಿಖೆ ನಡೆಯುತ್ತಿದ್ದು, ತಪ್ಪಿತಸ್ಥರನ್ನು ಶೀಘ್ರ ಬಂಧಿಸಲಾಗುವುದು ಎಂದರು.
ಕಲ್ಲು ತೂರಾಟ ಪ್ರಕರಣ 11 ಜನರ ವಿರುದ್ಧ ಎಫ್‌ಐಆರ್ ದಾಖಲು
ಬೆಳಗಾವಿ: ಜಿಲ್ಲೆಯ ಕಬ್ಬು ಬೆಳೆಗಾರರ ಬೇಡಿಕೆ ಈಡೇರಿಸುವಂತೆ ಆಗ್ರಹಿಸಿ ಹುಕ್ಕೇರಿ ತಾಲೂಕಿನ ಗುರ್ಲಾಪುರದಲ್ಲಿ ಆಹೋರಾತ್ರಿ ಹೋರಾಟದ ವೇಳೆ ಹತ್ತರಗಿಯ ಟೋಲ್ ನಾಕಾ ಬಳಿ ನಡೆದ ಕಲ್ಲು ತೂರಾಟ ಪ್ರಕರಣಕ್ಕೆ ಸಂಬಂಧಿಸಿದಂತೆ 11 ಜನರ ವಿರುದ್ಧ ಎಫ್‌ಐಆರ್ ದಾಖಲಾಗಿದೆ. ಹಿರೇಬಾಗೇವಾಡಿ ಪೊಲೀಸ್ ಠಾಣೆಯಲ್ಲಿ ಪ್ರಕರಣ ದಾಖಲಾಗಿದ್ದು, ತನಿಖೆ ಮುಂದುವರಿದಿದೆ. ಘಟನೆಯಲ್ಲಿ ಪೊಲೀಸ್ ವಾಹನಗಳಿಗೆ ಹಾನಿಯಾಗಿತ್ತು. ಸಿಸಿಟಿವಿ ದೃಶ್ಯಾವಳಿ ಆಧರಿಸಿ ಆರೋಪಿಗಳನ್ನು ಪತ್ತೆಹಚ್ಚಲಾಗುತ್ತಿದೆ ಎಂದು ಪೊಲೀಸ್ ಮೂಲಗಳು ತಿಳಿಸಿವೆ. ಸಾರ್ವಜನಿಕ ಆಸ್ತಿ ಹಾನಿ ಮಾಡಿದವರ ವಿರುದ್ಧ ಕಠಿಣ ಕ್ರಮ ಕೈಗೊಳ್ಳಲಾಗುವುದು ಎಂದು ಎಸ್ಪಿ ತಿಳಿಸಿದ್ದಾರೆ. ಈ ಹಿನ್ನೆಲೆಯಲ್ಲಿ ಹೆಚ್ಚುವರಿ ಪೊಲೀಸ್ ಬಂದೋಬಸ್ತ್ ಕಲ್ಪಿಸಲಾಗಿದೆ.
ಕೂಡ್ಲಿಗಿ ತಾಲೂಕಿನ
74 ಕೆರೆಗಳಿಗೆ ನೀರು ತುಂಬಿಸುವ
ಯೋಜನೆ ಲೋಕಾರ್ಪಣೆ
ಹಾಗೂ ವಿವಿಧ ಅಭಿವೃದ್ಧಿ ಕಾಮಗಾರಿಗಳ ಉದ್ಘಾಟನೆ,
ಶಂಕುಸ್ಥಾಪನೆ ಕಾರ್ಯಕ್ರಮ
ಮಾನ್ಯ ಮುಖ್ಯಮಂತ್ರಿಗಳಾದ
ಸನ್ಮಾನ್ಯ ಶ್ರೀ ಸಿದ್ದರಾಮಯ್ಯ ಅವರಿಗೆ ಹಾಗೂ
ಉಪಮುಖ್ಯಮಂತ್ರಿಗಳಾದ
ಸನ್ಮಾನ್ಯ ಶ್ರೀ ಡಿ.ಕೆ. ಶಿವಕುಮಾರ್ ಅವರಿಗೆ
ಹೃತ್ಪೂರ್ವಕ ಸುಸ್ವಾಗತ
: ಸ್ವಾಗತ ಕೋರುವವರು :
ಡಾ|| ಶ್ರೀನಿವಾಸ್ ಎನ್.ಟಿ.
ಮಾನ್ಯ ಶಾಸಕರು, ಕೂಡ್ಲಿಗಿ ವಿಧಾನಸಭಾ ಕ್ಷೇತ್ರ
09 ನವೆಂಬರ್ 2025 ಮಧ್ಯಾಹ್ನ : 12-00 ಗಂಟೆ | ಸ್ಥಳ: ಹಾಳಕರ ಜನಸಾಮಾನ್ಯ ಕಚೇರಿ, ರಾಯೋಜರ್ ರಸ್ತೆ ಕೂಡ್ಲಿಗಿ.
ಸರ್ವರಿಗೂ ಆತ್ಮೀಯ ಸ್ವಾಗತ
Hosadigantha Kannada Daily Printed & Published by P.S.Prakash on behalf of Jnanabharathi Prakashana Limited. Printed at M/s Elegant Offset Printers, Pvt.Ltd, Plot no 33/1& 15/1(eastern part) MT Sagar Industrial Estate, Hubballi -580030, Published at Joshi Chambers, 2nd Floor, Near R.M.Joshi Petrol pump, Lamington Road, Hubballi-580020, Ph: 0836-2350942, Editor: P.S.Prakash, Group Editor: Vinayak S. Bhat
